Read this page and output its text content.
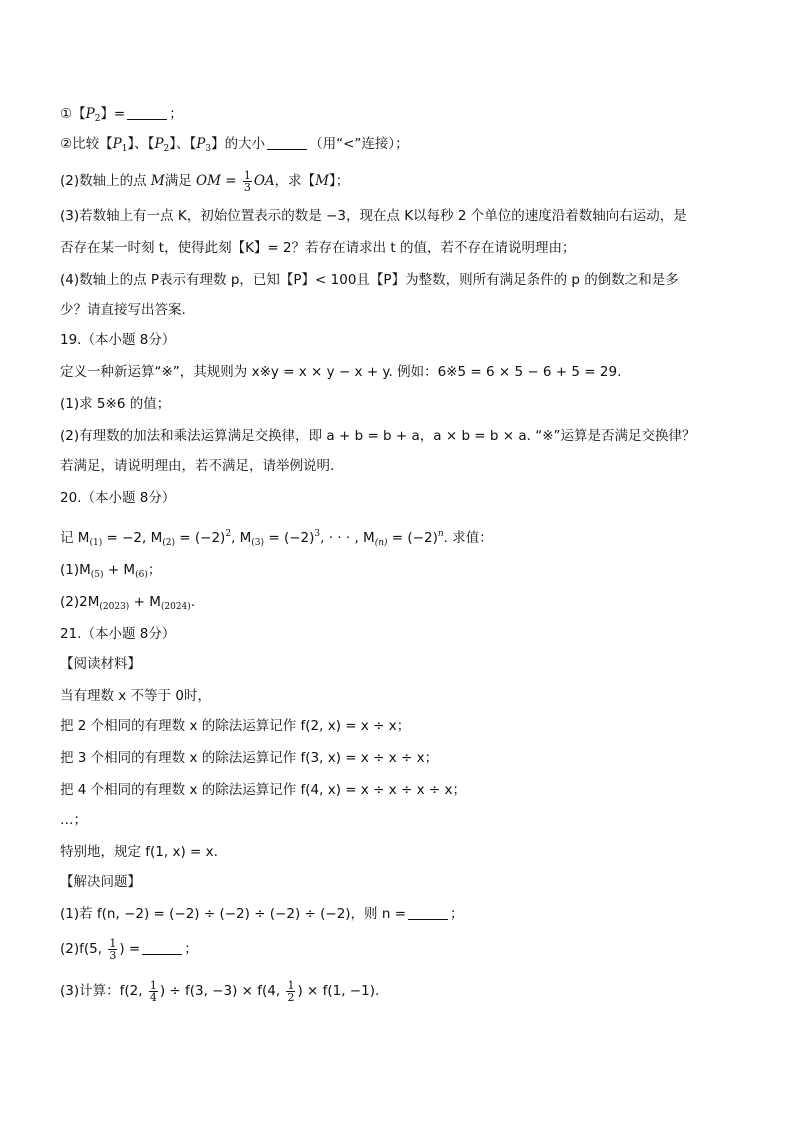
①【$P_2$】=	；
②比较【$P_1$】、【$P_2$】、【$P_3$】的大小	（用“<”连接）；
(2)数轴上的点 M满足 OM = $\frac{1}{3}$ OA，求【M】；
(3)若数轴上有一点 K，初始位置表示的数是 −3，现在点 K以每秒 2 个单位的速度沿着数轴向右运动，是
否存在某一时刻 t，使得此刻【K】= 2？若存在请求出 t 的值，若不存在请说明理由；
(4)数轴上的点 P表示有理数 p，已知【P】< 100且【P】为整数，则所有满足条件的 p 的倒数之和是多
少？请直接写出答案.
19.（本小题 8分）
定义一种新运算“※”，其规则为 x※y = x × y − x + y. 例如：6※5 = 6 × 5 − 6 + 5 = 29.
(1)求 5※6 的值；
(2)有理数的加法和乘法运算满足交换律，即 a + b = b + a，a × b = b × a. “※”运算是否满足交换律？
若满足，请说明理由，若不满足，请举例说明.
20.（本小题 8分）
记 $M_{(1)} = -2$, $M_{(2)} = (-2)^2$, $M_{(3)} = (-2)^3$, · · · , $M_{(n)} = (-2)^n$. 求值：
$(1)M_{(5)} + M_{(6)}$；
$(2)2M_{(2023)} + M_{(2024)}$.
21.（本小题 8分）
【阅读材料】
当有理数 x 不等于 0时，
把 2 个相同的有理数 x 的除法运算记作 f(2, x) = x ÷ x；
把 3 个相同的有理数 x 的除法运算记作 f(3, x) = x ÷ x ÷ x；
把 4 个相同的有理数 x 的除法运算记作 f(4, x) = x ÷ x ÷ x ÷ x；
…；
特别地，规定 f(1, x) = x.
【解决问题】
(1)若 f(n, −2) = (−2) ÷ (−2) ÷ (−2) ÷ (−2)，则 n =	；
(2)f(5, $\frac{1}{3}$ ) =	；
(3)计算：f(2, $\frac{1}{4}$ ) ÷ f(3, −3) × f(4, $\frac{1}{2}$ ) × f(1, −1).
